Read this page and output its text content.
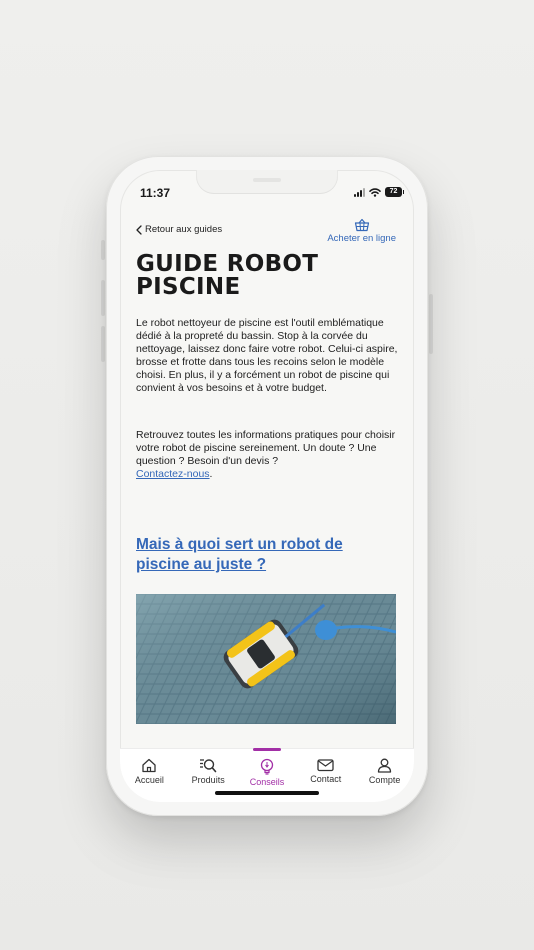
11:37	72
Retour aux guides
Acheter en ligne
GUIDE ROBOT
PISCINE

Le robot nettoyeur de piscine est l'outil emblématique dédié à la propreté du bassin. Stop à la corvée du nettoyage, laissez donc faire votre robot. Celui-ci aspire, brosse et frotte dans tous les recoins selon le modèle choisi. En plus, il y a forcément un robot de piscine qui convient à vos besoins et à votre budget.

Retrouvez toutes les informations pratiques pour choisir votre robot de piscine sereinement. Un doute ? Une question ? Besoin d'un devis ?
Contactez-nous.

Mais à quoi sert un robot de piscine au juste ?
Accueil	Produits	Conseils	Contact	Compte
